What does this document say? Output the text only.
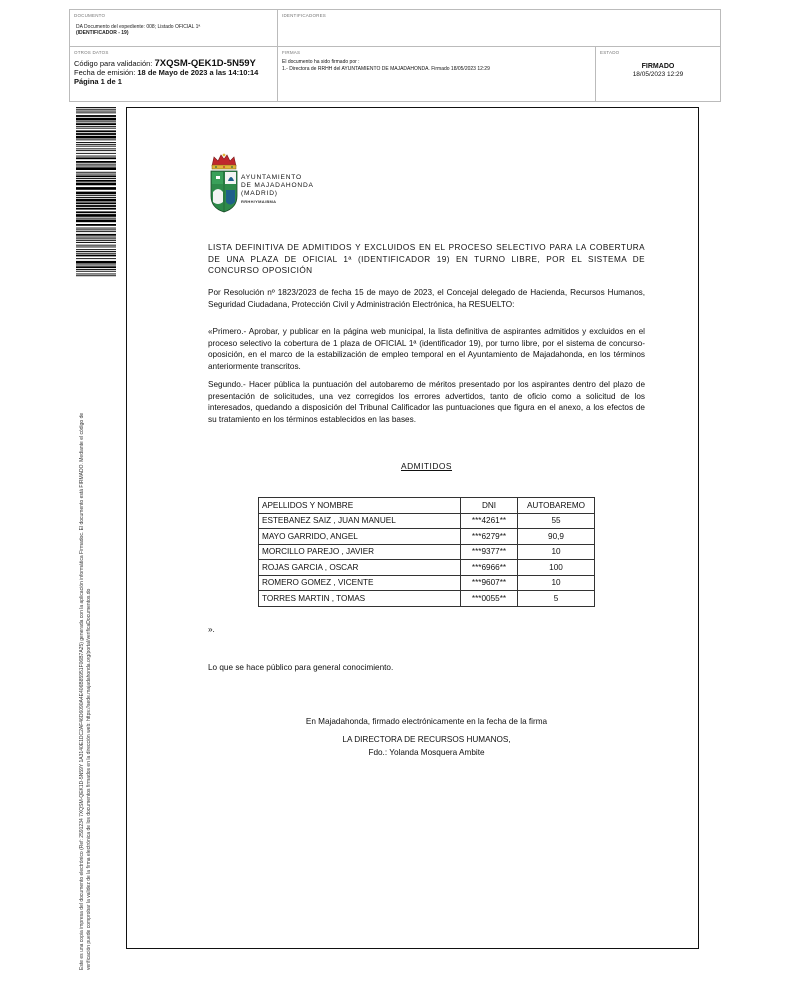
DOCUMENTO
DA Documento del expediente: 008; Listado OFICIAL 1ª
(IDENTIFICADOR - 19)
IDENTIFICADORES
OTROS DATOS
Código para validación: 7XQSM-QEK1D-5N59Y
Fecha de emisión: 18 de Mayo de 2023 a las 14:10:14
Página 1 de 1
FIRMAS
El documento ha sido firmado por :
1.- Directora de RRHH del AYUNTAMIENTO DE MAJADAHONDA. Firmado 18/05/2023 12:29
ESTADO
FIRMADO
18/05/2023 12:29
Este es una copia impresa del documento electrónico (Ref: 2591234 7XQSM-QEK1D-5N59Y 1A3140E1DC2AF46D6090A4E406B85951F06B7A25) generada con la aplicación informática Firmadoc. El documento está FIRMADO. Mediante el código de verificación puede comprobar la validez de la firma electrónica de los documentos firmados en la dirección web: https://sede.majadahonda.org/portal/verificaDocumentos.do
AYUNTAMIENTO
DE MAJADAHONDA
(MADRID)
RRHH/YMA/BMA
LISTA DEFINITIVA DE ADMITIDOS Y EXCLUIDOS EN EL PROCESO SELECTIVO PARA LA COBERTURA DE UNA PLAZA DE OFICIAL 1ª (IDENTIFICADOR 19) EN TURNO LIBRE, POR EL SISTEMA DE CONCURSO OPOSICIÓN
Por Resolución nº 1823/2023 de fecha 15 de mayo de 2023, el Concejal delegado de Hacienda, Recursos Humanos, Seguridad Ciudadana, Protección Civil y Administración Electrónica, ha RESUELTO:
«Primero.- Aprobar, y publicar en la página web municipal, la lista definitiva de aspirantes admitidos y excluidos en el proceso selectivo la cobertura de 1 plaza de OFICIAL 1ª (identificador 19), por turno libre, por el sistema de concurso-oposición, en el marco de la estabilización de empleo temporal en el Ayuntamiento de Majadahonda, en los términos anteriormente transcritos.
Segundo.- Hacer pública la puntuación del autobaremo de méritos presentado por los aspirantes dentro del plazo de presentación de solicitudes, una vez corregidos los errores advertidos, tanto de oficio como a solicitud de los interesados, quedando a disposición del Tribunal Calificador las puntuaciones que figura en el anexo, a los efectos de su tratamiento en los términos establecidos en las bases.
ADMITIDOS
APELLIDOS Y NOMBRE	DNI	AUTOBAREMO
ESTEBANEZ SAIZ , JUAN MANUEL	***4261**	55
MAYO GARRIDO, ANGEL	***6279**	90,9
MORCILLO PAREJO , JAVIER	***9377**	10
ROJAS GARCIA , OSCAR	***6966**	100
ROMERO GOMEZ , VICENTE	***9607**	10
TORRES MARTIN , TOMAS	***0055**	5
».
Lo que se hace público para general conocimiento.
En Majadahonda, firmado electrónicamente en la fecha de la firma
LA DIRECTORA DE RECURSOS HUMANOS,
Fdo.: Yolanda Mosquera Ambite
